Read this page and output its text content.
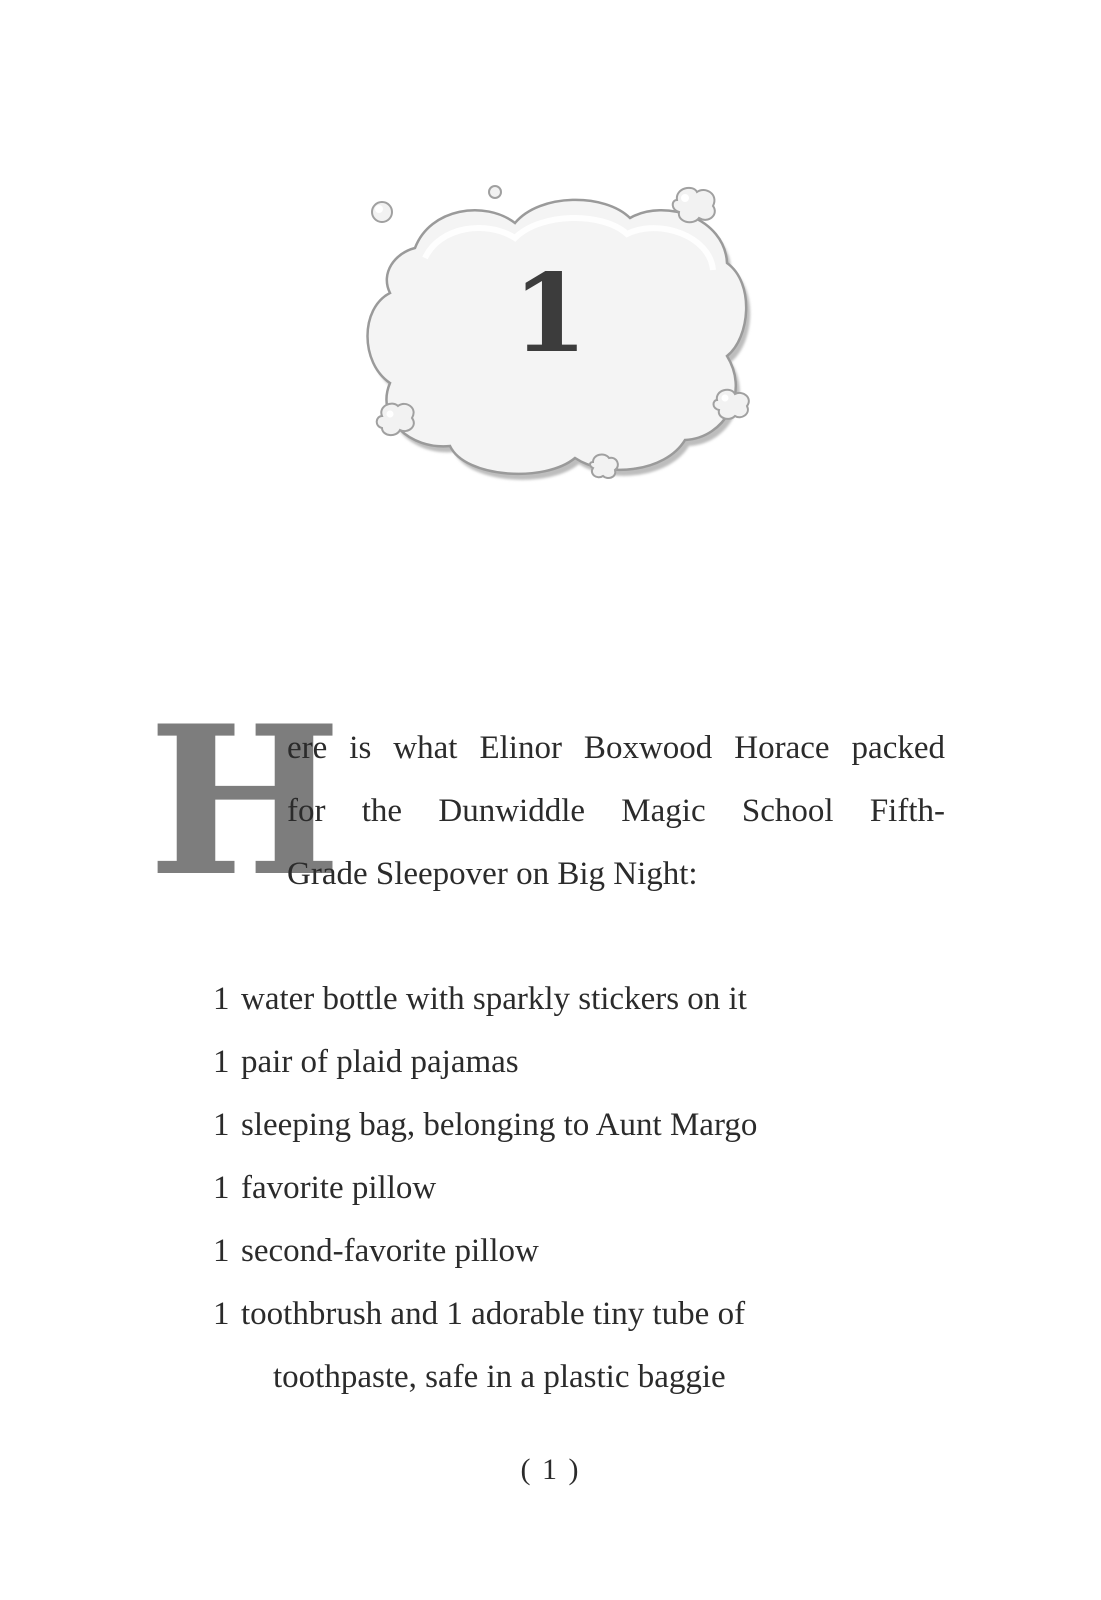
1
H
ere is what Elinor Boxwood Horace packed
for the Dunwiddle Magic School Fifth-
Grade Sleepover on Big Night:
1 water bottle with sparkly stickers on it
1 pair of plaid pajamas
1 sleeping bag, belonging to Aunt Margo
1 favorite pillow
1 second-favorite pillow
1 toothbrush and 1 adorable tiny tube of
toothpaste, safe in a plastic baggie
( 1 )
